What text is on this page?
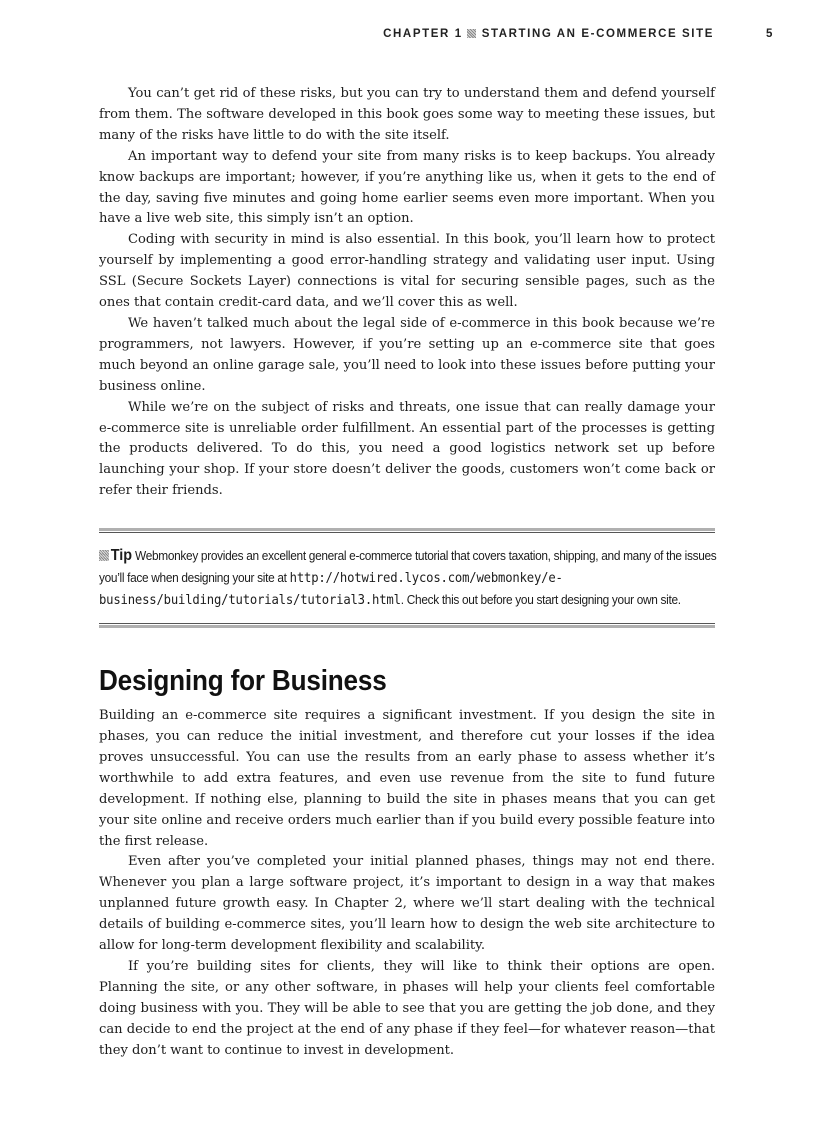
CHAPTER 1 STARTING AN E-COMMERCE SITE	5

You can’t get rid of these risks, but you can try to understand them and defend yourself from them. The software developed in this book goes some way to meeting these issues, but many of the risks have little to do with the site itself.

An important way to defend your site from many risks is to keep backups. You already know backups are important; however, if you’re anything like us, when it gets to the end of the day, saving five minutes and going home earlier seems even more important. When you have a live web site, this simply isn’t an option.

Coding with security in mind is also essential. In this book, you’ll learn how to protect yourself by implementing a good error-handling strategy and validating user input. Using SSL (Secure Sockets Layer) connections is vital for securing sensible pages, such as the ones that contain credit-card data, and we’ll cover this as well.

We haven’t talked much about the legal side of e-commerce in this book because we’re programmers, not lawyers. However, if you’re setting up an e-commerce site that goes much beyond an online garage sale, you’ll need to look into these issues before putting your business online.

While we’re on the subject of risks and threats, one issue that can really damage your e-commerce site is unreliable order fulfillment. An essential part of the processes is getting the products delivered. To do this, you need a good logistics network set up before launching your shop. If your store doesn’t deliver the goods, customers won’t come back or refer their friends.

Tip Webmonkey provides an excellent general e-commerce tutorial that covers taxation, shipping, and many of the issues you’ll face when designing your site at http://hotwired.lycos.com/webmonkey/e-business/building/tutorials/tutorial3.html. Check this out before you start designing your own site.

Designing for Business

Building an e-commerce site requires a significant investment. If you design the site in phases, you can reduce the initial investment, and therefore cut your losses if the idea proves unsuccessful. You can use the results from an early phase to assess whether it’s worthwhile to add extra features, and even use revenue from the site to fund future development. If nothing else, planning to build the site in phases means that you can get your site online and receive orders much earlier than if you build every possible feature into the first release.

Even after you’ve completed your initial planned phases, things may not end there. Whenever you plan a large software project, it’s important to design in a way that makes unplanned future growth easy. In Chapter 2, where we’ll start dealing with the technical details of building e-commerce sites, you’ll learn how to design the web site architecture to allow for long-term development flexibility and scalability.

If you’re building sites for clients, they will like to think their options are open. Planning the site, or any other software, in phases will help your clients feel comfortable doing business with you. They will be able to see that you are getting the job done, and they can decide to end the project at the end of any phase if they feel—for whatever reason—that they don’t want to continue to invest in development.
